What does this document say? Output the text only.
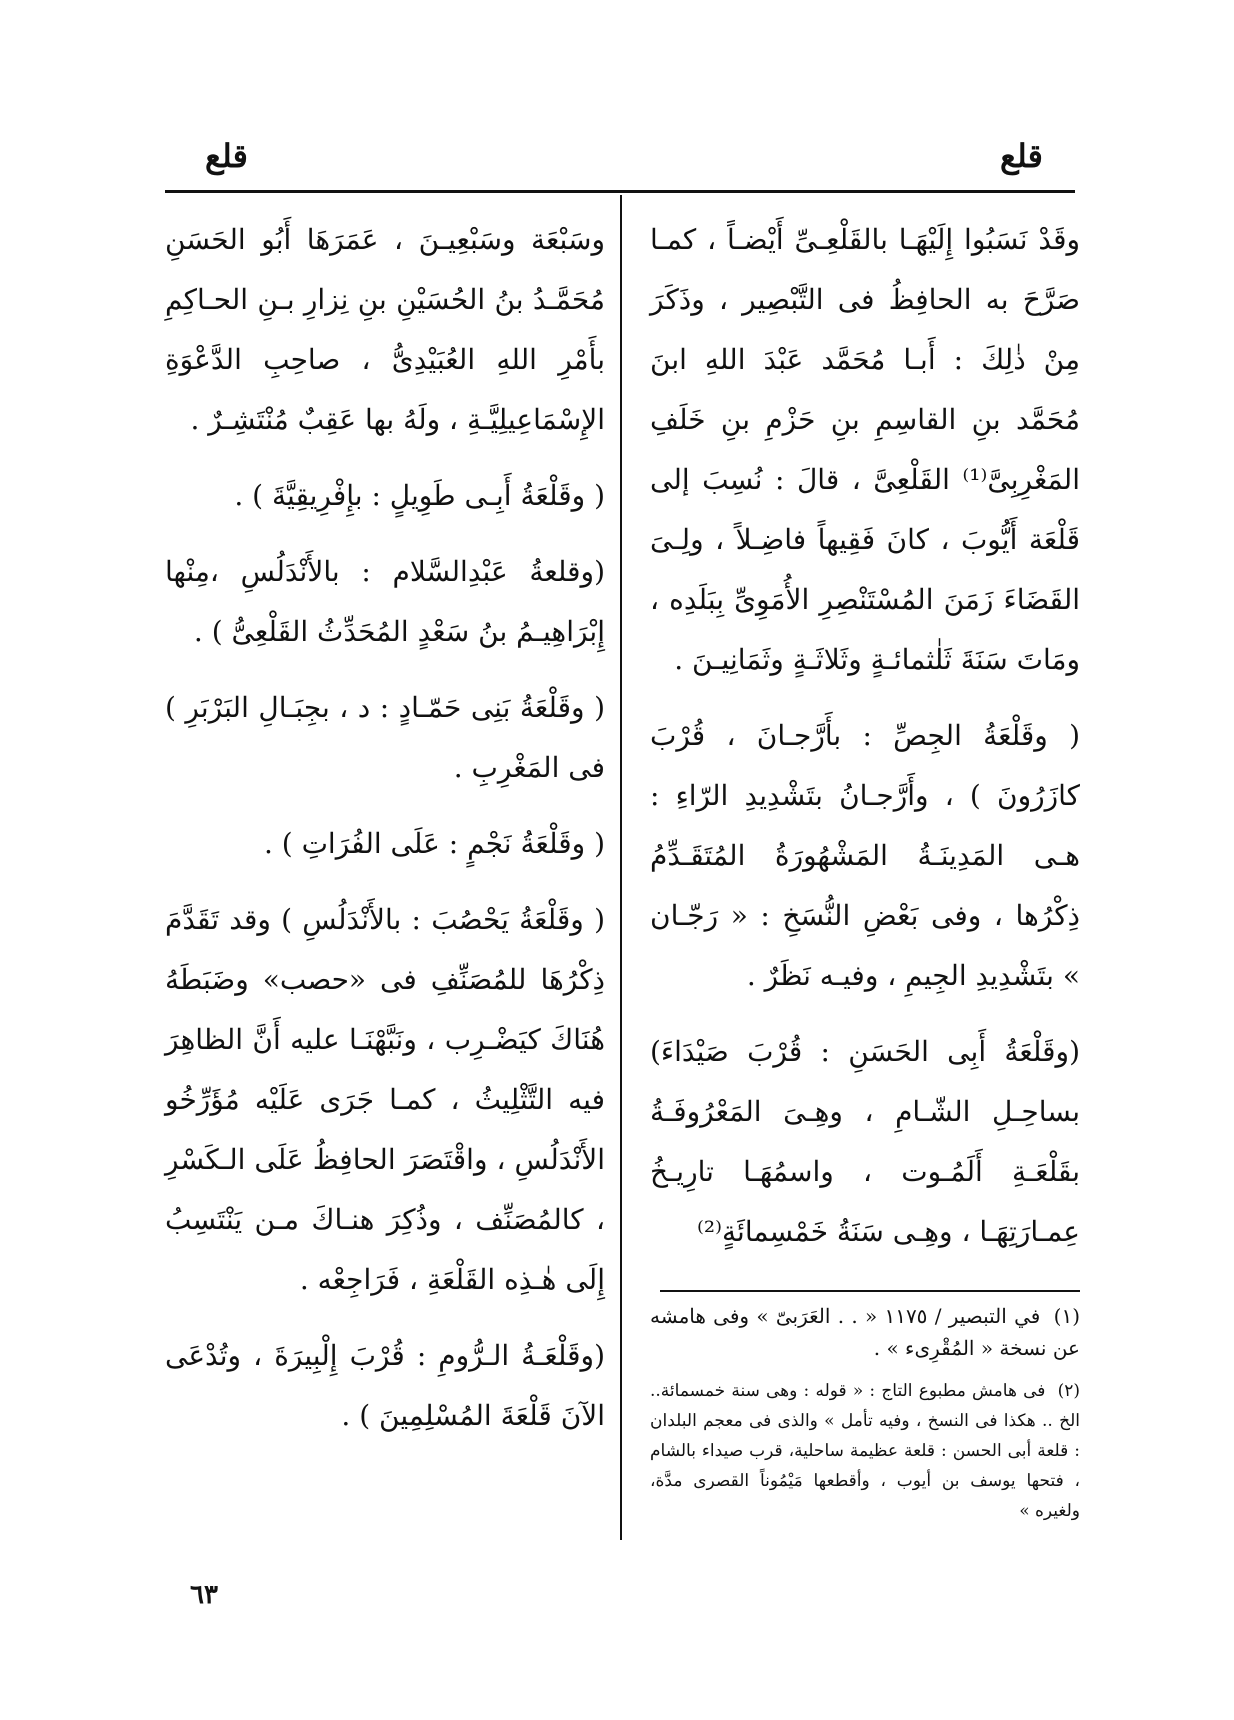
قلع
قلع

وقَدْ نَسَبُوا إِلَيْهَـا بالقَلْعِـىِّ أَيْضـاً ، كمـا صَرَّحَ به الحافِظُ فى التَّبْصِير ، وذَكَرَ مِنْ ذٰلِكَ : أَبـا مُحَمَّد عَبْدَ اللهِ ابنَ مُحَمَّد بنِ القاسِمِ بنِ حَزْمِ بنِ خَلَفِ المَغْرِبِىَّ⁽¹⁾ القَلْعِىَّ ، قالَ : نُسِبَ إلى قَلْعَة أَيُّوبَ ، كانَ فَقِيهاً فاضِـلاً ، ولِـىَ القَضَاءَ زَمَنَ المُسْتَنْصِرِ الأُمَوِىِّ بِبَلَدِه ، ومَاتَ سَنَةَ ثَلٰثمائـةٍ وثَلاثَـةٍ وثَمَانِيـنَ .

( وقَلْعَةُ الجِصِّ : بأَرَّجـانَ ، قُرْبَ كازَرُونَ ) ، وأَرَّجـانُ بتَشْدِيدِ الرّاءِ : هـى المَدِينَـةُ المَشْهُورَةُ المُتَقَـدِّمُ ذِكْرُها ، وفى بَعْضِ النُّسَخِ : « رَجّـان » بتَشْدِيدِ الجِيمِ ، وفيـه نَظَرٌ .

(وقَلْعَةُ أَبِى الحَسَنِ : قُرْبَ صَيْدَاءَ) بساحِـلِ الشّـامِ ، وهِـىَ المَعْرُوفَـةُ بقَلْعَـةِ أَلَمُـوت ، واسمُهَـا تارِيـخُ عِمـارَتِهَـا ، وهِـى سَنَةُ خَمْسِمائَةٍ⁽²⁾

وسَبْعَة وسَبْعِيـنَ ، عَمَرَهَا أَبُو الحَسَنِ مُحَمَّـدُ بنُ الحُسَيْنِ بنِ نِزارِ بـنِ الحـاكِمِ بأَمْرِ اللهِ العُبَيْدِىُّ ، صاحِبِ الدَّعْوَةِ الإِسْمَاعِيلِيَّـةِ ، ولَهُ بها عَقِبٌ مُنْتَشِـرٌ .

( وقَلْعَةُ أَبِـى طَوِيلٍ : بإِفْرِيقِيَّةَ ) .

(وقلعةُ عَبْدِالسَّلام : بالأَنْدَلُسِ ،مِنْها إِبْرَاهِيـمُ بنُ سَعْدٍ المُحَدِّثُ القَلْعِىُّ ) .

( وقَلْعَةُ بَنِى حَمّـادٍ : د ، بجِبَـالِ البَرْبَرِ ) فى المَغْرِبِ .

( وقَلْعَةُ نَجْمٍ : عَلَى الفُرَاتِ ) .

( وقَلْعَةُ يَحْصُبَ : بالأَنْدَلُسِ ) وقد تَقَدَّمَ ذِكْرُهَا للمُصَنِّفِ فى «حصب» وضَبَطَهُ هُنَاكَ كيَضْـرِب ، ونَبَّهْنَـا عليه أَنَّ الظاهِرَ فيه التَّثْلِيثُ ، كمـا جَرَى عَلَيْه مُؤَرِّخُو الأَنْدَلُسِ ، واقْتَصَرَ الحافِظُ عَلَى الـكَسْرِ ، كالمُصَنِّف ، وذُكِرَ هنـاكَ مـن يَنْتَسِبُ إِلَى هٰـذِه القَلْعَةِ ، فَرَاجِعْه .

(وقَلْعَـةُ الـرُّومِ : قُرْبَ إِلْبِيرَةَ ، وتُدْعَى الآنَ قَلْعَةَ المُسْلِمِينَ ) .

(١) في التبصير / ١١٧٥ « . . العَرَبىّ » وفى هامشه عن نسخة « المُقْرِىء » .

(٢) فى هامش مطبوع التاج : « قوله : وهى سنة خمسمائة.. الخ .. هكذا فى النسخ ، وفيه تأمل » والذى فى معجم البلدان : قلعة أبى الحسن : قلعة عظيمة ساحلية، قرب صيداء بالشام ، فتحها يوسف بن أيوب ، وأقطعها مَيْمُوناً القصرى مدَّة، ولغيره »

٦٣
